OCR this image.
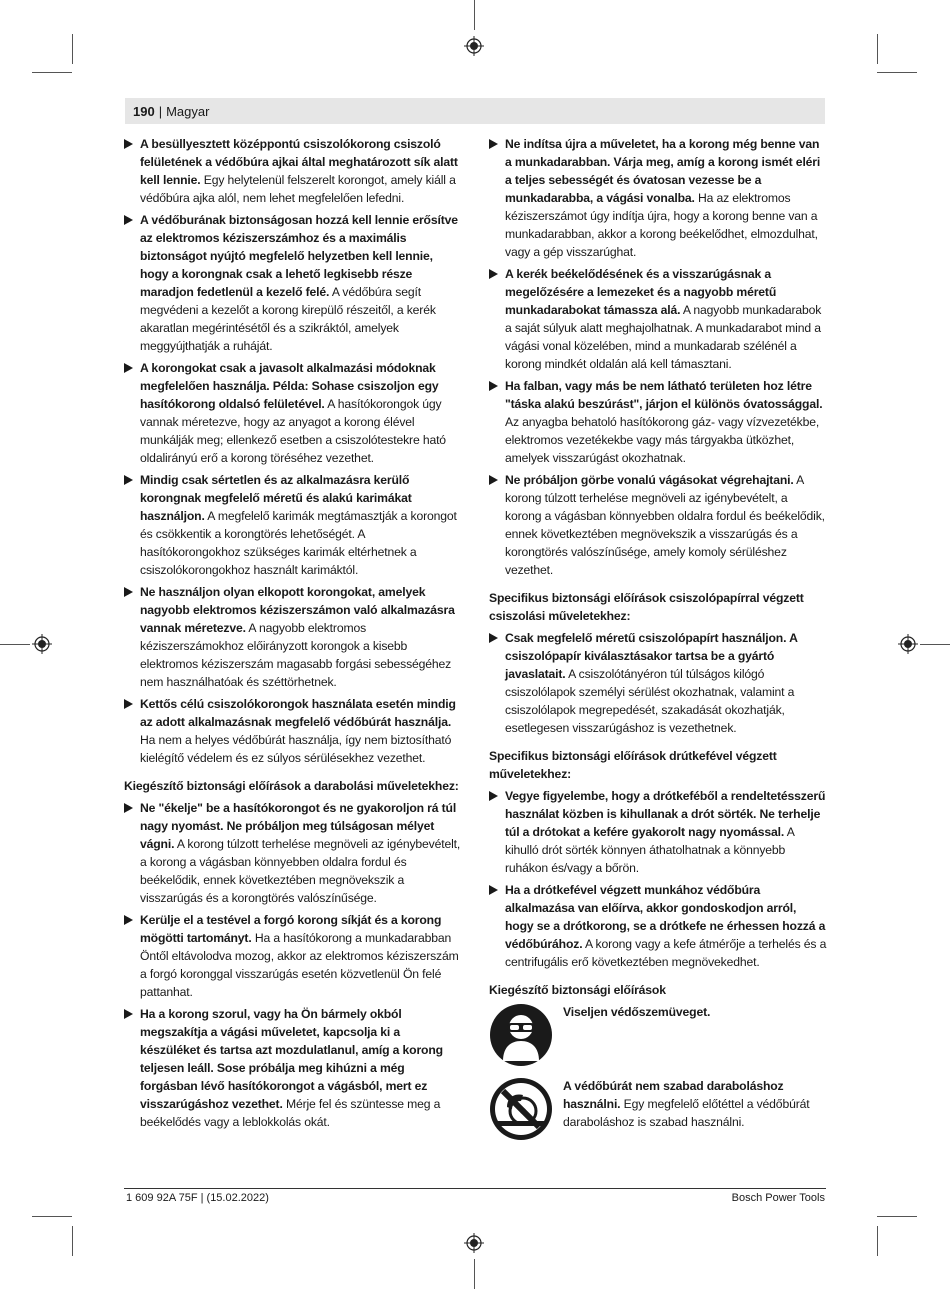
190 | Magyar
A besüllyesztett középpontú csiszolókorong csiszoló felületének a védőbúra ajkai által meghatározott sík alatt kell lennie. Egy helytelenül felszerelt korongot, amely kiáll a védőbúra ajka alól, nem lehet megfelelően lefedni.
A védőburának biztonságosan hozzá kell lennie erősítve az elektromos kéziszerszámhoz és a maximális biztonságot nyújtó megfelelő helyzetben kell lennie, hogy a korongnak csak a lehető legkisebb része maradjon fedetlenül a kezelő felé. A védőbúra segít megvédeni a kezelőt a korong kirepülő részeitől, a kerék akaratlan megérintésétől és a szikráktól, amelyek meggyújthatják a ruháját.
A korongokat csak a javasolt alkalmazási módoknak megfelelően használja. Példa: Sohase csiszoljon egy hasítókorong oldalsó felületével. A hasítókorongok úgy vannak méretezve, hogy az anyagot a korong élével munkálják meg; ellenkező esetben a csiszolótestekre ható oldalirányú erő a korong töréséhez vezethet.
Mindig csak sértetlen és az alkalmazásra kerülő korongnak megfelelő méretű és alakú karimákat használjon. A megfelelő karimák megtámasztják a korongot és csökkentik a korongtörés lehetőségét. A hasítókorongokhoz szükséges karimák eltérhetnek a csiszolókorongokhoz használt karimáktól.
Ne használjon olyan elkopott korongokat, amelyek nagyobb elektromos kéziszerszámon való alkalmazásra vannak méretezve. A nagyobb elektromos kéziszerszámokhoz előirányzott korongok a kisebb elektromos kéziszerszám magasabb forgási sebességéhez nem használhatóak és széttörhetnek.
Kettős célú csiszolókorongok használata esetén mindig az adott alkalmazásnak megfelelő védőbúrát használja. Ha nem a helyes védőbúrát használja, így nem biztosítható kielégítő védelem és ez súlyos sérülésekhez vezethet.
Kiegészítő biztonsági előírások a darabolási műveletekhez:
Ne "ékelje" be a hasítókorongot és ne gyakoroljon rá túl nagy nyomást. Ne próbáljon meg túlságosan mélyet vágni. A korong túlzott terhelése megnöveli az igénybevételt, a korong a vágásban könnyebben oldalra fordul és beékelődik, ennek következtében megnövekszik a visszarúgás és a korongtörés valószínűsége.
Kerülje el a testével a forgó korong síkját és a korong mögötti tartományt. Ha a hasítókorong a munkadarabban Öntől eltávolodva mozog, akkor az elektromos kéziszerszám a forgó koronggal visszarúgás esetén közvetlenül Ön felé pattanhat.
Ha a korong szorul, vagy ha Ön bármely okból megszakítja a vágási műveletet, kapcsolja ki a készüléket és tartsa azt mozdulatlanul, amíg a korong teljesen leáll. Sose próbálja meg kihúzni a még forgásban lévő hasítókorongot a vágásból, mert ez visszarúgáshoz vezethet. Mérje fel és szüntesse meg a beékelődés vagy a leblokkolás okát.
Ne indítsa újra a műveletet, ha a korong még benne van a munkadarabban. Várja meg, amíg a korong ismét eléri a teljes sebességét és óvatosan vezesse be a munkadarabba, a vágási vonalba. Ha az elektromos kéziszerszámot úgy indítja újra, hogy a korong benne van a munkadarabban, akkor a korong beékelődhet, elmozdulhat, vagy a gép visszarúghat.
A kerék beékelődésének és a visszarúgásnak a megelőzésére a lemezeket és a nagyobb méretű munkadarabokat támassza alá. A nagyobb munkadarabok a saját súlyuk alatt meghajolhatnak. A munkadarabot mind a vágási vonal közelében, mind a munkadarab szélénél a korong mindkét oldalán alá kell támasztani.
Ha falban, vagy más be nem látható területen hoz létre "táska alakú beszúrást", járjon el különös óvatossággal. Az anyagba behatoló hasítókorong gáz- vagy vízvezetékbe, elektromos vezetékekbe vagy más tárgyakba ütközhet, amelyek visszarúgást okozhatnak.
Ne próbáljon görbe vonalú vágásokat végrehajtani. A korong túlzott terhelése megnöveli az igénybevételt, a korong a vágásban könnyebben oldalra fordul és beékelődik, ennek következtében megnövekszik a visszarúgás és a korongtörés valószínűsége, amely komoly sérüléshez vezethet.
Specifikus biztonsági előírások csiszolópapírral végzett csiszolási műveletekhez:
Csak megfelelő méretű csiszolópapírt használjon. A csiszolópapír kiválasztásakor tartsa be a gyártó javaslatait. A csiszolótányéron túl túlságos kilógó csiszolólapok személyi sérülést okozhatnak, valamint a csiszolólapok megrepedését, szakadását okozhatják, esetlegesen visszarúgáshoz is vezethetnek.
Specifikus biztonsági előírások drútkefével végzett műveletekhez:
Vegye figyelembe, hogy a drótkeféből a rendeltetésszerű használat közben is kihullanak a drót sörték. Ne terhelje túl a drótokat a kefére gyakorolt nagy nyomással. A kihulló drót sörték könnyen áthatolhatnak a könnyebb ruhákon és/vagy a bőrön.
Ha a drótkefével végzett munkához védőbúra alkalmazása van előírva, akkor gondoskodjon arról, hogy se a drótkorong, se a drótkefe ne érhessen hozzá a védőbúrához. A korong vagy a kefe átmérője a terhelés és a centrifugális erő következtében megnövekedhet.
Kiegészítő biztonsági előírások
Viseljen védőszemüveget.
A védőbúrát nem szabad daraboláshoz használni. Egy megfelelő előtéttel a védőbúrát daraboláshoz is szabad használni.
1 609 92A 75F | (15.02.2022)	Bosch Power Tools
